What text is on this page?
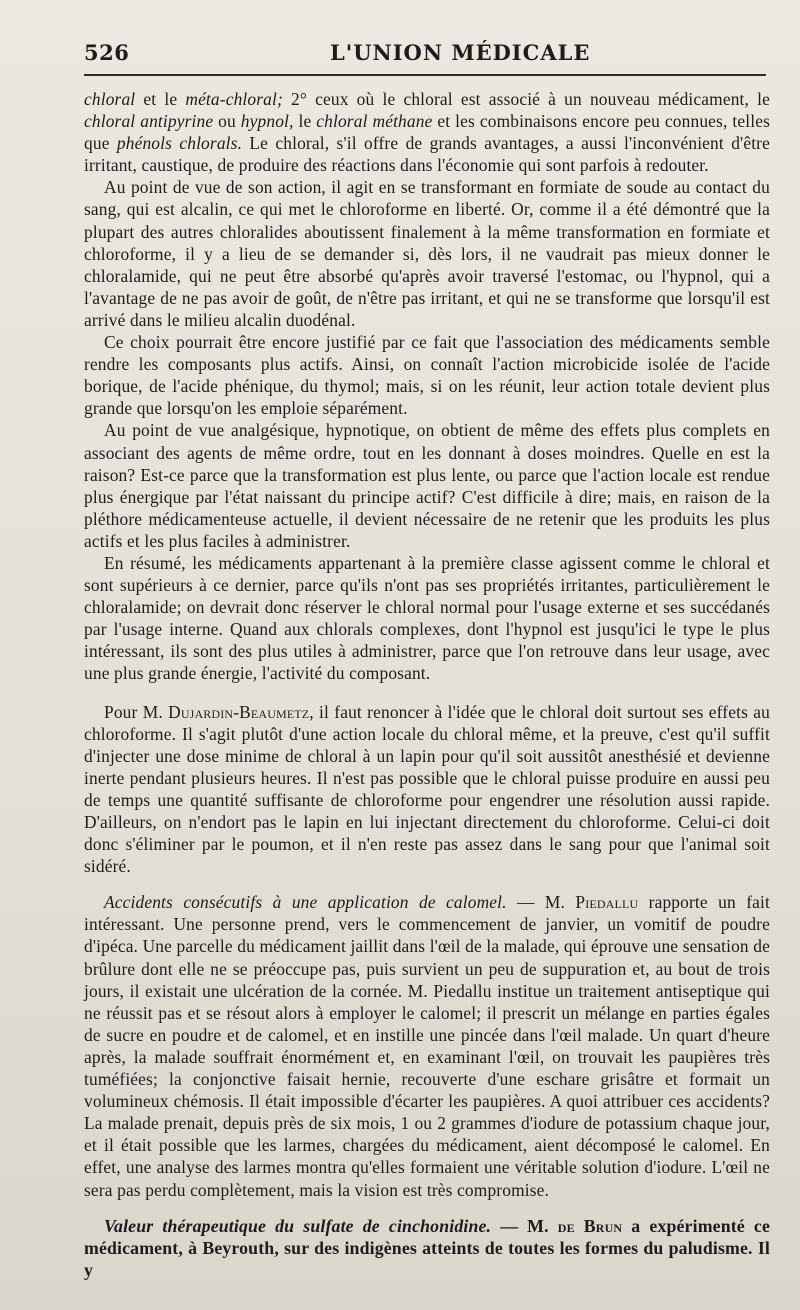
526	L'UNION MÉDICALE

chloral et le méta-chloral; 2° ceux où le chloral est associé à un nouveau médicament, le chloral antipyrine ou hypnol, le chloral méthane et les combinaisons encore peu connues, telles que phénols chlorals. Le chloral, s'il offre de grands avantages, a aussi l'inconvénient d'être irritant, caustique, de produire des réactions dans l'économie qui sont parfois à redouter.

Au point de vue de son action, il agit en se transformant en formiate de soude au contact du sang, qui est alcalin, ce qui met le chloroforme en liberté. Or, comme il a été démontré que la plupart des autres chloralides aboutissent finalement à la même transformation en formiate et chloroforme, il y a lieu de se demander si, dès lors, il ne vaudrait pas mieux donner le chloralamide, qui ne peut être absorbé qu'après avoir traversé l'estomac, ou l'hypnol, qui a l'avantage de ne pas avoir de goût, de n'être pas irritant, et qui ne se transforme que lorsqu'il est arrivé dans le milieu alcalin duodénal.

Ce choix pourrait être encore justifié par ce fait que l'association des médicaments semble rendre les composants plus actifs. Ainsi, on connaît l'action microbicide isolée de l'acide borique, de l'acide phénique, du thymol; mais, si on les réunit, leur action totale devient plus grande que lorsqu'on les emploie séparément.

Au point de vue analgésique, hypnotique, on obtient de même des effets plus complets en associant des agents de même ordre, tout en les donnant à doses moindres. Quelle en est la raison? Est-ce parce que la transformation est plus lente, ou parce que l'action locale est rendue plus énergique par l'état naissant du principe actif? C'est difficile à dire; mais, en raison de la pléthore médicamenteuse actuelle, il devient nécessaire de ne retenir que les produits les plus actifs et les plus faciles à administrer.

En résumé, les médicaments appartenant à la première classe agissent comme le chloral et sont supérieurs à ce dernier, parce qu'ils n'ont pas ses propriétés irritantes, particulièrement le chloralamide; on devrait donc réserver le chloral normal pour l'usage externe et ses succédanés par l'usage interne. Quand aux chlorals complexes, dont l'hypnol est jusqu'ici le type le plus intéressant, ils sont des plus utiles à administrer, parce que l'on retrouve dans leur usage, avec une plus grande énergie, l'activité du composant.

Pour M. Dujardin-Beaumetz, il faut renoncer à l'idée que le chloral doit surtout ses effets au chloroforme. Il s'agit plutôt d'une action locale du chloral même, et la preuve, c'est qu'il suffit d'injecter une dose minime de chloral à un lapin pour qu'il soit aussitôt anesthésié et devienne inerte pendant plusieurs heures. Il n'est pas possible que le chloral puisse produire en aussi peu de temps une quantité suffisante de chloroforme pour engendrer une résolution aussi rapide. D'ailleurs, on n'endort pas le lapin en lui injectant directement du chloroforme. Celui-ci doit donc s'éliminer par le poumon, et il n'en reste pas assez dans le sang pour que l'animal soit sidéré.

Accidents consécutifs à une application de calomel. — M. Piedallu rapporte un fait intéressant. Une personne prend, vers le commencement de janvier, un vomitif de poudre d'ipéca. Une parcelle du médicament jaillit dans l'œil de la malade, qui éprouve une sensation de brûlure dont elle ne se préoccupe pas, puis survient un peu de suppuration et, au bout de trois jours, il existait une ulcération de la cornée. M. Piedallu institue un traitement antiseptique qui ne réussit pas et se résout alors à employer le calomel; il prescrit un mélange en parties égales de sucre en poudre et de calomel, et en instille une pincée dans l'œil malade. Un quart d'heure après, la malade souffrait énormément et, en examinant l'œil, on trouvait les paupières très tuméfiées; la conjonctive faisait hernie, recouverte d'une eschare grisâtre et formait un volumineux chémosis. Il était impossible d'écarter les paupières. A quoi attribuer ces accidents? La malade prenait, depuis près de six mois, 1 ou 2 grammes d'iodure de potassium chaque jour, et il était possible que les larmes, chargées du médicament, aient décomposé le calomel. En effet, une analyse des larmes montra qu'elles formaient une véritable solution d'iodure. L'œil ne sera pas perdu complètement, mais la vision est très compromise.

Valeur thérapeutique du sulfate de cinchonidine. — M. de Brun a expérimenté ce médicament, à Beyrouth, sur des indigènes atteints de toutes les formes du paludisme. Il y
